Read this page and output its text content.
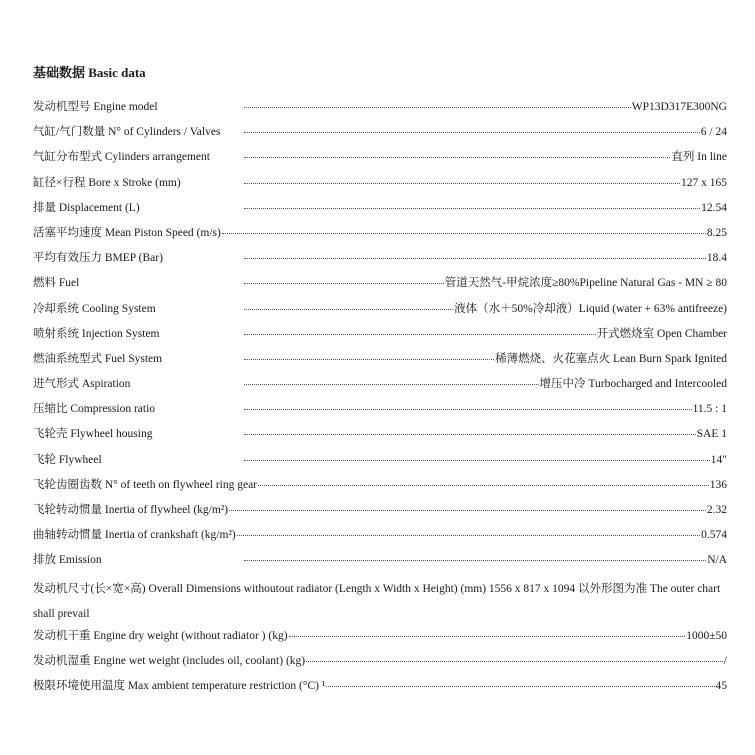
基础数据 Basic data
发动机型号 Engine model	WP13D317E300NG
气缸/气门数量 N° of Cylinders / Valves	6 / 24
气缸分布型式 Cylinders arrangement	直列 In line
缸径×行程 Bore x Stroke (mm)	127 x 165
排量 Displacement (L)	12.54
活塞平均速度 Mean Piston Speed (m/s)	8.25
平均有效压力 BMEP (Bar)	18.4
燃料 Fuel	管道天然气-甲烷浓度≥80%Pipeline Natural Gas - MN ≥ 80
冷却系统 Cooling System	液体（水＋50%冷却液）Liquid (water + 63% antifreeze)
喷射系统 Injection System	开式燃烧室 Open Chamber
燃油系统型式 Fuel System	稀薄燃烧、火花塞点火 Lean Burn Spark Ignited
进气形式 Aspiration	增压中冷 Turbocharged and Intercooled
压缩比 Compression ratio	11.5 : 1
飞轮壳 Flywheel housing	SAE 1
飞轮 Flywheel	14"
飞轮齿圈齿数 N° of teeth on flywheel ring gear	136
飞轮转动惯量 Inertia of flywheel (kg/m²)	2.32
曲轴转动惯量 Inertia of crankshaft (kg/m²)	0.574
排放 Emission	N/A
发动机尺寸(长×宽×高) Overall Dimensions withoutout radiator (Length x Width x Height) (mm) 1556 x 817 x 1094 以外形图为准 The outer chart shall prevail
发动机干重 Engine dry weight (without radiator ) (kg)	1000±50
发动机湿重 Engine wet weight (includes oil, coolant) (kg)	/
极限环境使用温度 Max ambient temperature restriction (°C) ¹	45
